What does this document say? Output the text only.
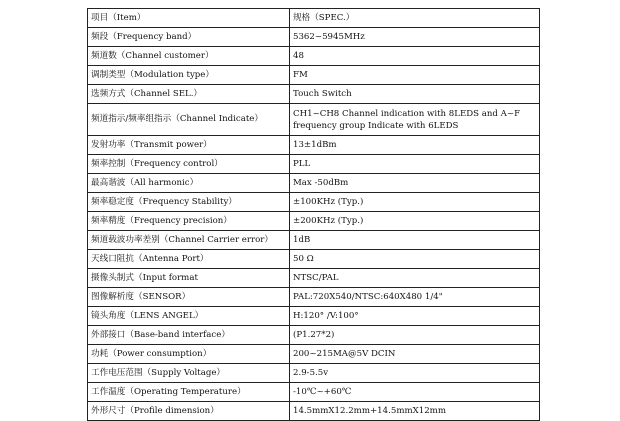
项目（Item）	规格（SPEC.）
频段（Frequency band）	5362~5945MHz
频道数（Channel customer）	48
调制类型（Modulation type）	FM
选频方式（Channel SEL.）	Touch Switch
频道指示/频率组指示（Channel Indicate）	CH1~CH8 Channel indication with 8LEDS and A~F frequency group Indicate with 6LEDS
发射功率（Transmit power）	13±1dBm
频率控制（Frequency control）	PLL
最高谐波（All harmonic）	Max -50dBm
频率稳定度（Frequency Stability）	±100KHz (Typ.)
频率精度（Frequency precision）	±200KHz (Typ.)
频道载波功率差别（Channel Carrier error）	1dB
天线口阻抗（Antenna Port）	50 Ω
摄像头制式（Input format	NTSC/PAL
图像解析度（SENSOR）	PAL:720X540/NTSC:640X480 1/4"
镜头角度（LENS ANGEL）	H:120° /V:100°
外部接口（Base-band interface）	(P1.27*2)
功耗（Power consumption）	200~215MA@5V DCIN
工作电压范围（Supply Voltage）	2.9-5.5v
工作温度（Operating Temperature）	-10℃~+60℃
外形尺寸（Profile dimension）	14.5mmX12.2mm+14.5mmX12mm
